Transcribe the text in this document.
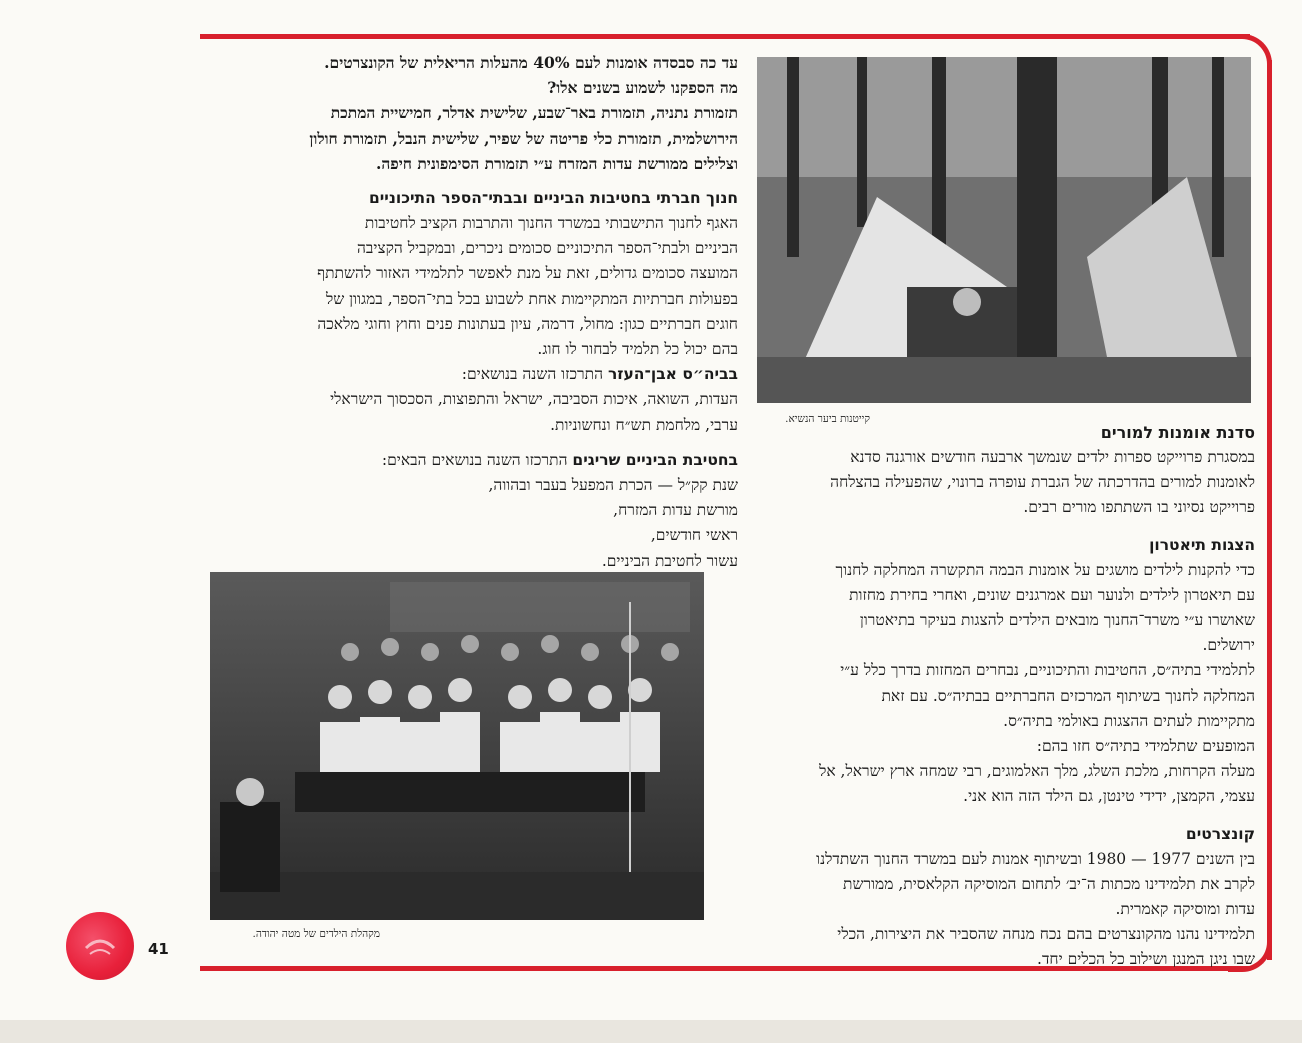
עד כה סבסדה אומנות לעם 40% מהעלות הריאלית של הקונצרטים.

מה הספקנו לשמוע בשנים אלו?

תזמורת נתניה, תזמורת באר־שבע, שלישית אדלר, חמישיית המתכת

הירושלמית, תזמורת כלי פריטה של שפיר, שלישית הנבל, תזמורת חולון

וצלילים ממורשת עדות המזרח ע״י תזמורת הסימפונית חיפה.

חנוך חברתי בחטיבות הביניים ובבתי־הספר התיכוניים

האגף לחנוך התישבותי במשרד החנוך והתרבות הקציב לחטיבות

הביניים ולבתי־הספר התיכוניים סכומים ניכרים, ובמקביל הקציבה

המועצה סכומים גדולים, זאת על מנת לאפשר לתלמידי האזור להשתתף

בפעולות חברתיות המתקיימות אחת לשבוע בכל בתי־הספר, במגוון של

חוגים חברתיים כגון: מחול, דרמה, עיון בעתונות פנים וחוץ וחוגי מלאכה

בהם יכול כל תלמיד לבחור לו חוג.

בביה״ס אבן־העזר התרכזו השנה בנושאים:

העדות, השואה, איכות הסביבה, ישראל והתפוצות, הסכסוך הישראלי

ערבי, מלחמת תש״ח ונחשוניות.

בחטיבת הביניים שריגים התרכזו השנה בנושאים הבאים:

שנת קק״ל — הכרת המפעל בעבר ובהווה,

מורשת עדות המזרח,

ראשי חודשים,

עשור לחטיבת הביניים.

מקהלת הילדים של מטה יהודה.
קייטנות ביער הנשיא.
סדנת אומנות למורים

במסגרת פרוייקט ספרות ילדים שנמשך ארבעה חודשים אורגנה סדנא

לאומנות למורים בהדרכתה של הגברת עופרה ברונוי, שהפעילה בהצלחה

פרוייקט נסיוני בו השתתפו מורים רבים.

הצגות תיאטרון

כדי להקנות לילדים מושגים על אומנות הבמה התקשרה המחלקה לחנוך

עם תיאטרון לילדים ולנוער ועם אמרגנים שונים, ואחרי בחירת מחזות

שאושרו ע״י משרד־החנוך מובאים הילדים להצגות בעיקר בתיאטרון

ירושלים.

לתלמידי בתיה״ס, החטיבות והתיכוניים, נבחרים המחזות בדרך כלל ע״י

המחלקה לחנוך בשיתוף המרכזים החברתיים בבתיה״ס. עם זאת

מתקיימות לעתים ההצגות באולמי בתיה״ס.

המופעים שתלמידי בתיה״ס חזו בהם:

מעלה הקרחות, מלכת השלג, מלך האלמוגים, רבי שמחה ארץ ישראל, אל

עצמי, הקמצן, ידידי טינטן, גם הילד הזה הוא אני.

קונצרטים

בין השנים 1977 — 1980 ובשיתוף אמנות לעם במשרד החנוך השתדלנו

לקרב את תלמידינו מכתות ה־יב׳ לתחום המוסיקה הקלאסית, ממורשת

עדות ומוסיקה קאמרית.

תלמידינו נהנו מהקונצרטים בהם נכח מנחה שהסביר את היצירות, הכלי

שבו ניגן המנגן ושילוב כל הכלים יחד.

41
